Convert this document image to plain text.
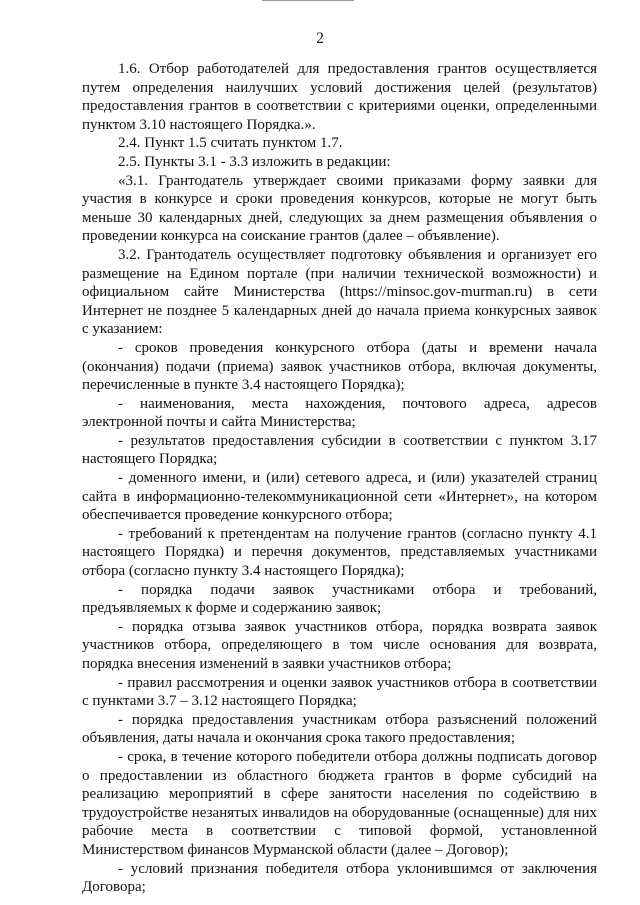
2

1.6. Отбор работодателей для предоставления грантов осуществляется путем определения наилучших условий достижения целей (результатов) предоставления грантов в соответствии с критериями оценки, определенными пунктом 3.10 настоящего Порядка.».

2.4. Пункт 1.5 считать пунктом 1.7.

2.5. Пункты 3.1 - 3.3 изложить в редакции:

«3.1. Грантодатель утверждает своими приказами форму заявки для участия в конкурсе и сроки проведения конкурсов, которые не могут быть меньше 30 календарных дней, следующих за днем размещения объявления о проведении конкурса на соискание грантов (далее – объявление).

3.2. Грантодатель осуществляет подготовку объявления и организует его размещение на Едином портале (при наличии технической возможности) и официальном сайте Министерства (https://minsoc.gov-murman.ru) в сети Интернет не позднее 5 календарных дней до начала приема конкурсных заявок с указанием:

- сроков проведения конкурсного отбора (даты и времени начала (окончания) подачи (приема) заявок участников отбора, включая документы, перечисленные в пункте 3.4 настоящего Порядка);

- наименования, места нахождения, почтового адреса, адресов электронной почты и сайта Министерства;

- результатов предоставления субсидии в соответствии с пунктом 3.17 настоящего Порядка;

- доменного имени, и (или) сетевого адреса, и (или) указателей страниц сайта в информационно-телекоммуникационной сети «Интернет», на котором обеспечивается проведение конкурсного отбора;

- требований к претендентам на получение грантов (согласно пункту 4.1 настоящего Порядка) и перечня документов, представляемых участниками отбора (согласно пункту 3.4 настоящего Порядка);

- порядка подачи заявок участниками отбора и требований, предъявляемых к форме и содержанию заявок;

- порядка отзыва заявок участников отбора, порядка возврата заявок участников отбора, определяющего в том числе основания для возврата, порядка внесения изменений в заявки участников отбора;

- правил рассмотрения и оценки заявок участников отбора в соответствии с пунктами 3.7 – 3.12 настоящего Порядка;

- порядка предоставления участникам отбора разъяснений положений объявления, даты начала и окончания срока такого предоставления;

- срока, в течение которого победители отбора должны подписать договор о предоставлении из областного бюджета грантов в форме субсидий на реализацию мероприятий в сфере занятости населения по содействию в трудоустройстве незанятых инвалидов на оборудованные (оснащенные) для них рабочие места в соответствии с типовой формой, установленной Министерством финансов Мурманской области (далее – Договор);

- условий признания победителя отбора уклонившимся от заключения Договора;
